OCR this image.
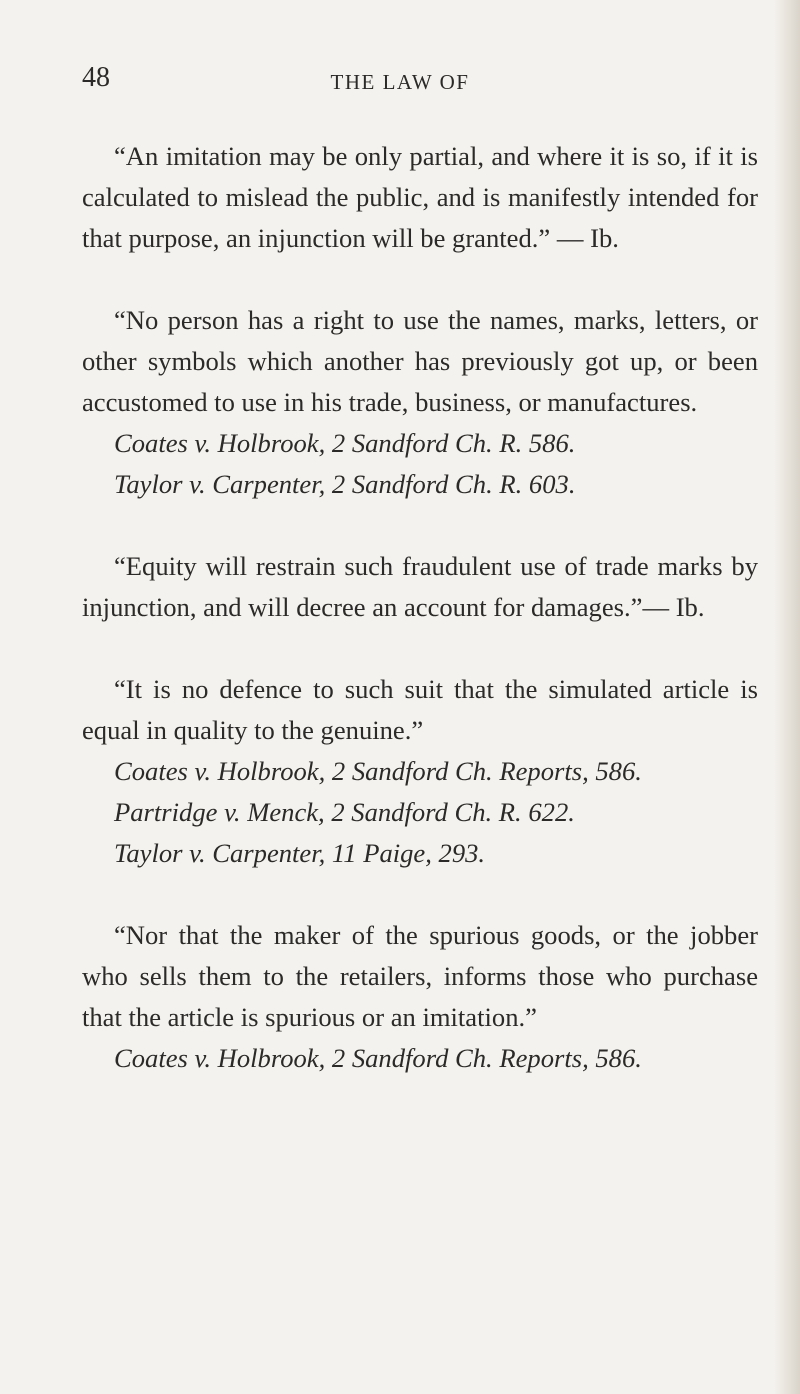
48	THE LAW OF

“An imitation may be only partial, and where it is so, if it is calculated to mislead the public, and is manifestly intended for that purpose, an injunction will be granted.” — Ib.

“No person has a right to use the names, marks, letters, or other symbols which another has previously got up, or been accustomed to use in his trade, business, or manufactures.

Coates v. Holbrook, 2 Sandford Ch. R. 586.

Taylor v. Carpenter, 2 Sandford Ch. R. 603.

“Equity will restrain such fraudulent use of trade marks by injunction, and will decree an account for damages.”— Ib.

“It is no defence to such suit that the simulated article is equal in quality to the genuine.”

Coates v. Holbrook, 2 Sandford Ch. Reports, 586.

Partridge v. Menck, 2 Sandford Ch. R. 622.

Taylor v. Carpenter, 11 Paige, 293.

“Nor that the maker of the spurious goods, or the jobber who sells them to the retailers, informs those who purchase that the article is spurious or an imitation.”

Coates v. Holbrook, 2 Sandford Ch. Reports, 586.
